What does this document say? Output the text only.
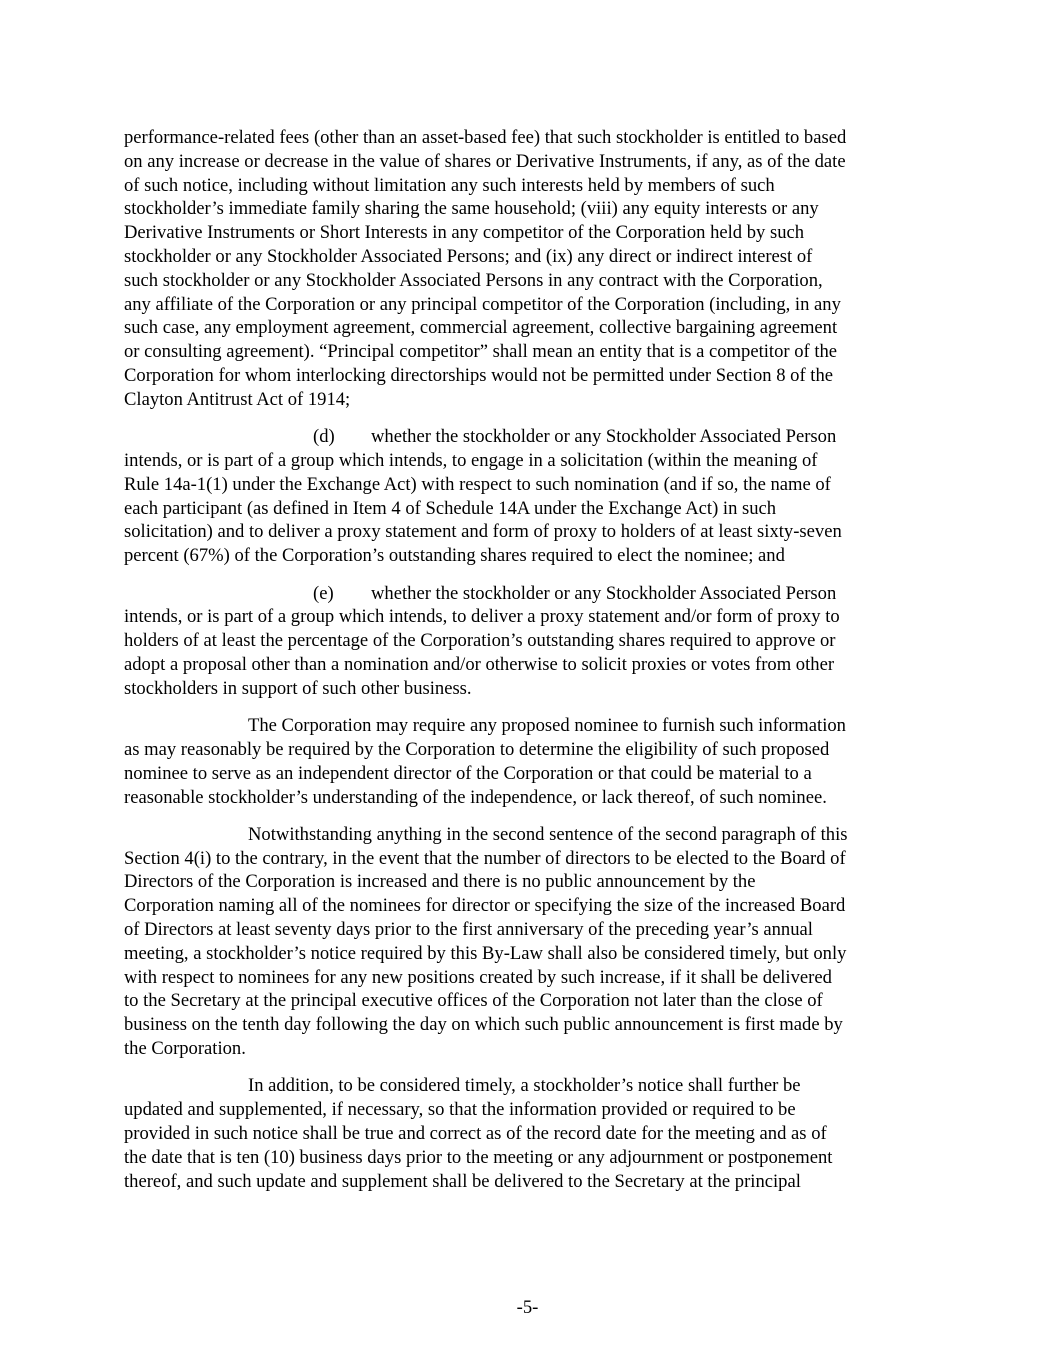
performance-related fees (other than an asset-based fee) that such stockholder is entitled to based
on any increase or decrease in the value of shares or Derivative Instruments, if any, as of the date
of such notice, including without limitation any such interests held by members of such
stockholder’s immediate family sharing the same household; (viii) any equity interests or any
Derivative Instruments or Short Interests in any competitor of the Corporation held by such
stockholder or any Stockholder Associated Persons; and (ix) any direct or indirect interest of
such stockholder or any Stockholder Associated Persons in any contract with the Corporation,
any affiliate of the Corporation or any principal competitor of the Corporation (including, in any
such case, any employment agreement, commercial agreement, collective bargaining agreement
or consulting agreement). “Principal competitor” shall mean an entity that is a competitor of the
Corporation for whom interlocking directorships would not be permitted under Section 8 of the
Clayton Antitrust Act of 1914;
(d) whether the stockholder or any Stockholder Associated Person
intends, or is part of a group which intends, to engage in a solicitation (within the meaning of
Rule 14a-1(1) under the Exchange Act) with respect to such nomination (and if so, the name of
each participant (as defined in Item 4 of Schedule 14A under the Exchange Act) in such
solicitation) and to deliver a proxy statement and form of proxy to holders of at least sixty-seven
percent (67%) of the Corporation’s outstanding shares required to elect the nominee; and
(e) whether the stockholder or any Stockholder Associated Person
intends, or is part of a group which intends, to deliver a proxy statement and/or form of proxy to
holders of at least the percentage of the Corporation’s outstanding shares required to approve or
adopt a proposal other than a nomination and/or otherwise to solicit proxies or votes from other
stockholders in support of such other business.
The Corporation may require any proposed nominee to furnish such information
as may reasonably be required by the Corporation to determine the eligibility of such proposed
nominee to serve as an independent director of the Corporation or that could be material to a
reasonable stockholder’s understanding of the independence, or lack thereof, of such nominee.
Notwithstanding anything in the second sentence of the second paragraph of this
Section 4(i) to the contrary, in the event that the number of directors to be elected to the Board of
Directors of the Corporation is increased and there is no public announcement by the
Corporation naming all of the nominees for director or specifying the size of the increased Board
of Directors at least seventy days prior to the first anniversary of the preceding year’s annual
meeting, a stockholder’s notice required by this By-Law shall also be considered timely, but only
with respect to nominees for any new positions created by such increase, if it shall be delivered
to the Secretary at the principal executive offices of the Corporation not later than the close of
business on the tenth day following the day on which such public announcement is first made by
the Corporation.
In addition, to be considered timely, a stockholder’s notice shall further be
updated and supplemented, if necessary, so that the information provided or required to be
provided in such notice shall be true and correct as of the record date for the meeting and as of
the date that is ten (10) business days prior to the meeting or any adjournment or postponement
thereof, and such update and supplement shall be delivered to the Secretary at the principal
-5-
